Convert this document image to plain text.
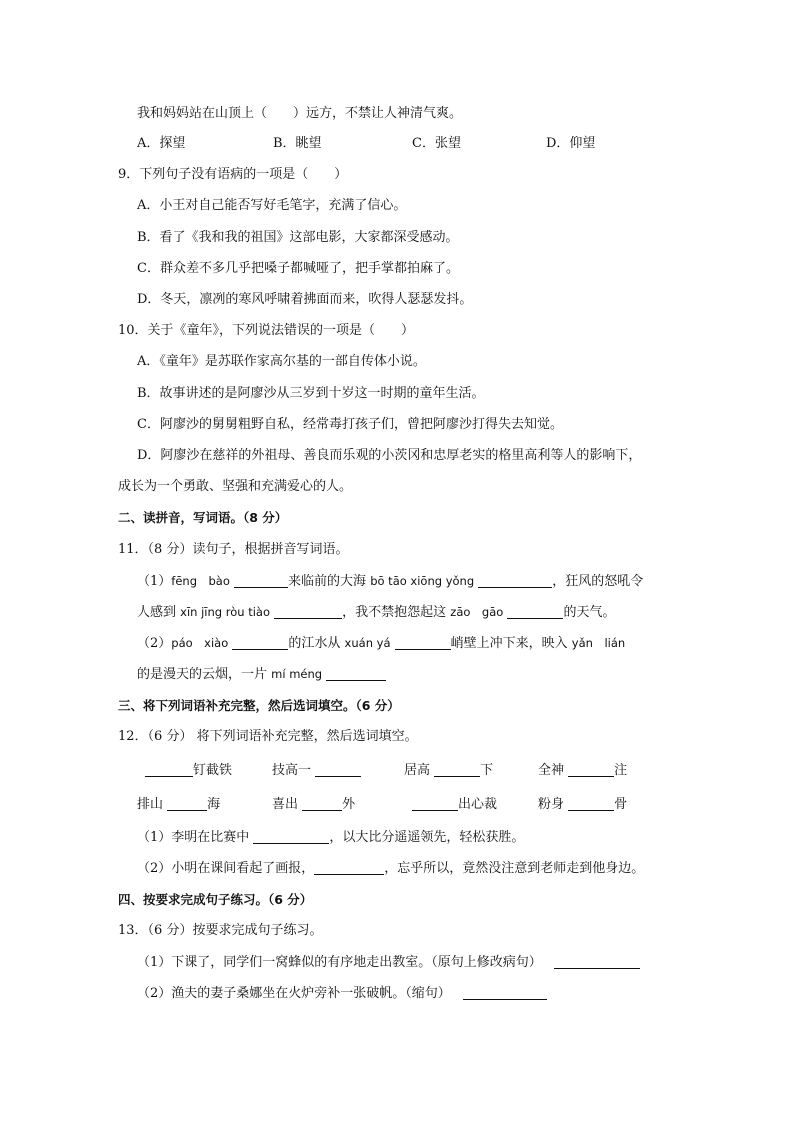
我和妈妈站在山顶上（　　）远方，不禁让人神清气爽。
A．探望	B．眺望	C．张望	D．仰望
9．下列句子没有语病的一项是（　　）
A．小王对自己能否写好毛笔字，充满了信心。
B．看了《我和我的祖国》这部电影，大家都深受感动。
C．群众差不多几乎把嗓子都喊哑了，把手掌都拍麻了。
D．冬天，凛冽的寒风呼啸着拂面而来，吹得人瑟瑟发抖。
10．关于《童年》，下列说法错误的一项是（　　）
A．《童年》是苏联作家高尔基的一部自传体小说。
B．故事讲述的是阿廖沙从三岁到十岁这一时期的童年生活。
C．阿廖沙的舅舅粗野自私，经常毒打孩子们，曾把阿廖沙打得失去知觉。
D．阿廖沙在慈祥的外祖母、善良而乐观的小茨冈和忠厚老实的格里高利等人的影响下，
成长为一个勇敢、坚强和充满爱心的人。
二、读拼音，写词语。（8 分）
11．（8 分）读句子，根据拼音写词语。
（1）fēng　bào	来临前的大海 bō tāo xiōng yǒng	，狂风的怒吼令
人感到 xīn jīng ròu tiào	，我不禁抱怨起这 zāo　gāo	的天气。
（2）páo　xiào	的江水从 xuán yá	峭壁上冲下来，映入 yǎn　lián
的是漫天的云烟，一片 mí méng
三、将下列词语补充完整，然后选词填空。（6 分）
12．（6 分） 将下列词语补充完整，然后选词填空。
钉截铁	技高一	居高	下	全神	注
排山	海	喜出	外	出心裁	粉身	骨
（1）李明在比赛中	，以大比分遥遥领先，轻松获胜。
（2）小明在课间看起了画报，	，忘乎所以，竟然没注意到老师走到他身边。
四、按要求完成句子练习。（6 分）
13．（6 分）按要求完成句子练习。
（1）下课了，同学们一窝蜂似的有序地走出教室。（原句上修改病句）
（2）渔夫的妻子桑娜坐在火炉旁补一张破帆。（缩句）
